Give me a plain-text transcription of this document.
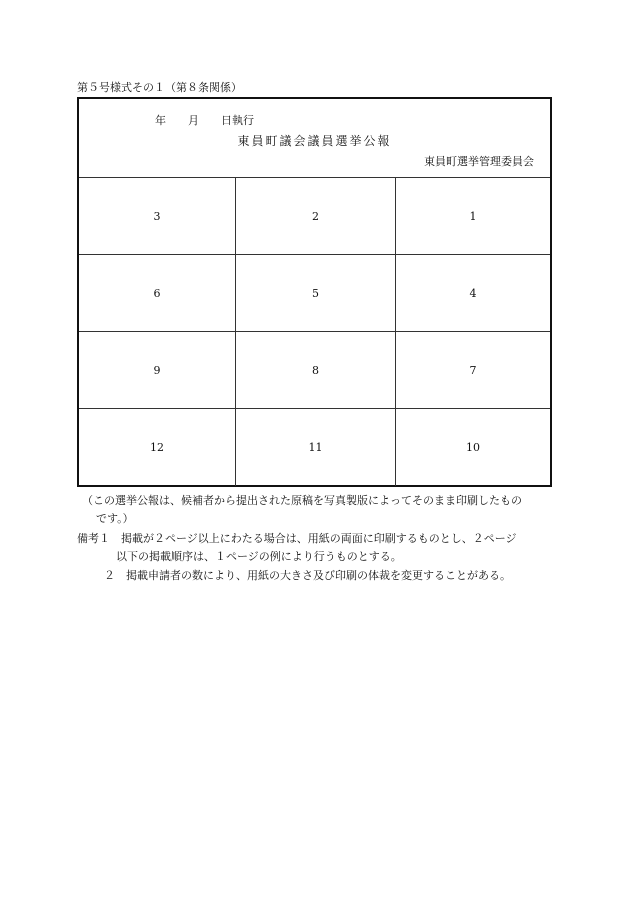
第５号様式その１（第８条関係）
年 月 日執行
東員町議会議員選挙公報
東員町選挙管理委員会
3	2	1
6	5	4
9	8	7
12	11	10
（この選挙公報は、候補者から提出された原稿を写真製版によってそのまま印刷したもの
です。）
備考１　掲載が２ページ以上にわたる場合は、用紙の両面に印刷するものとし、２ページ
以下の掲載順序は、１ページの例により行うものとする。
２　掲載申請者の数により、用紙の大きさ及び印刷の体裁を変更することがある。
